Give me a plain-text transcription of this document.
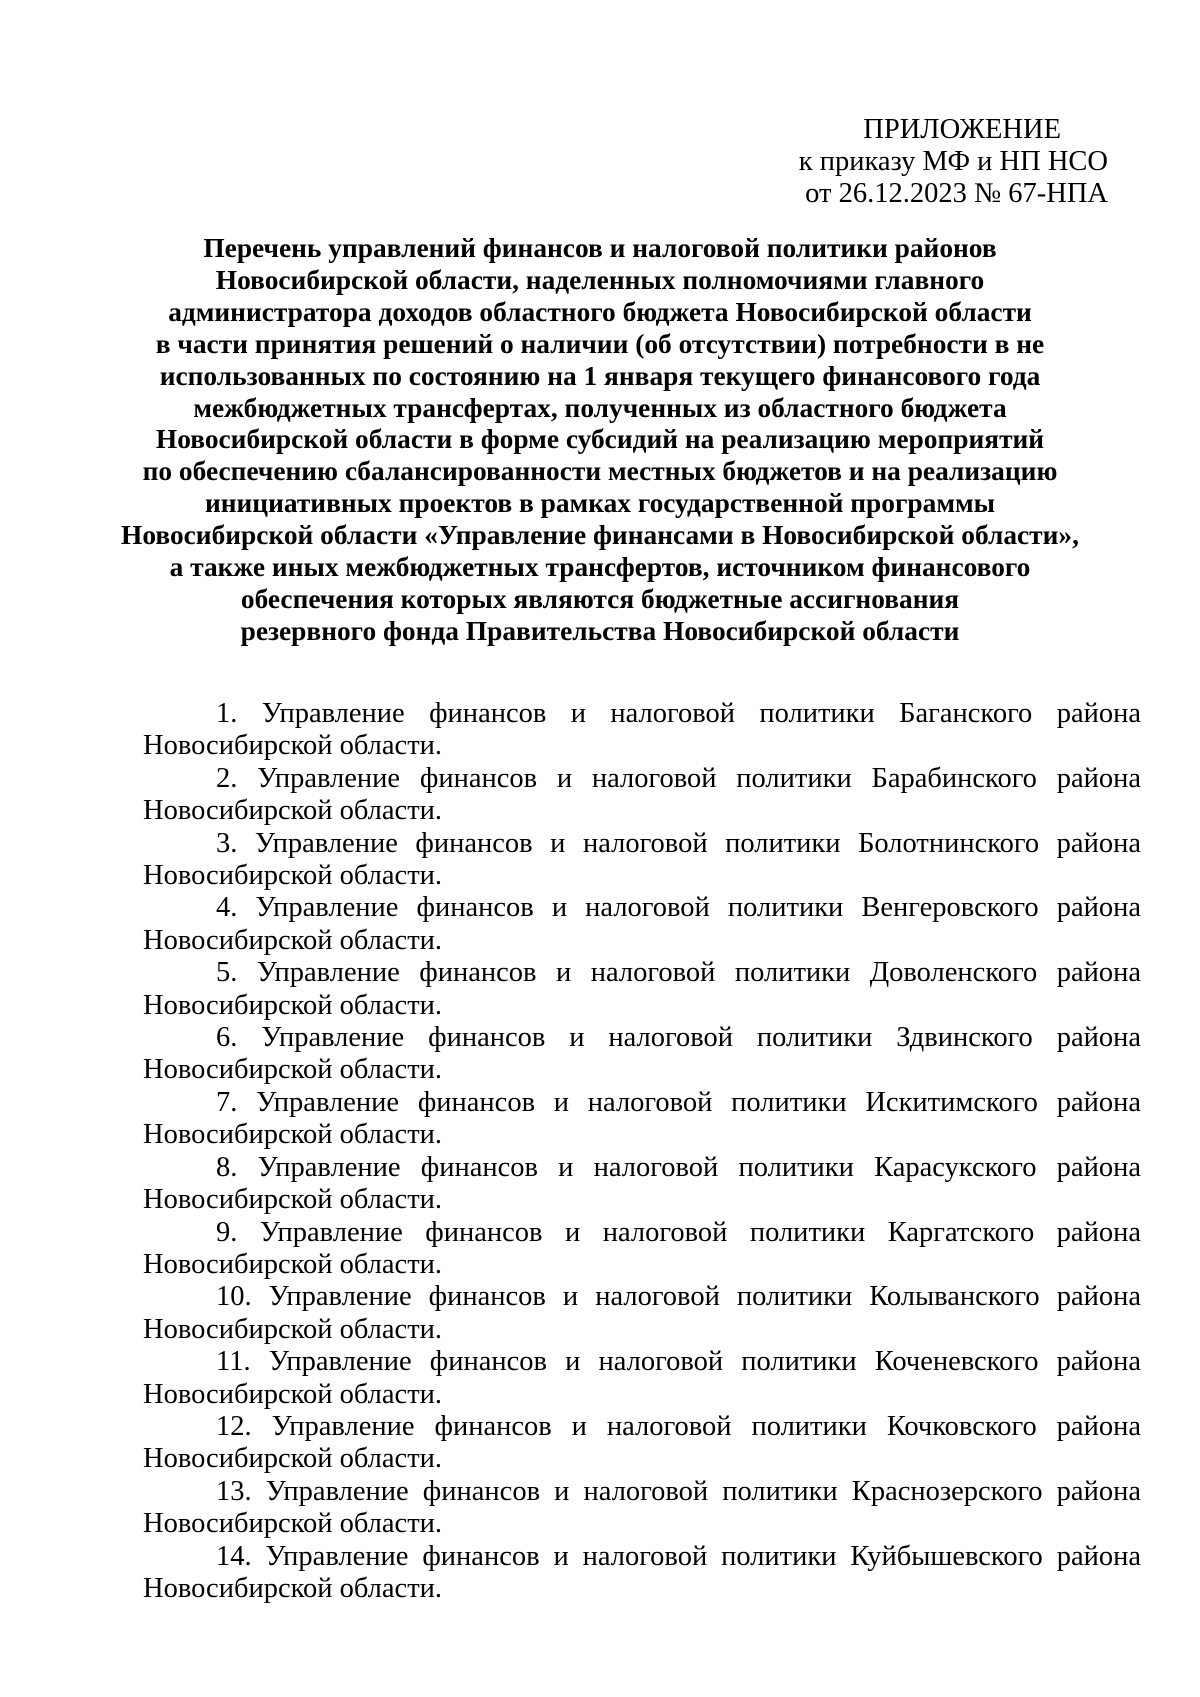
ПРИЛОЖЕНИЕ
к приказу МФ и НП НСО
от 26.12.2023 № 67-НПА
Перечень управлений финансов и налоговой политики районов
Новосибирской области, наделенных полномочиями главного
администратора доходов областного бюджета Новосибирской области
в части принятия решений о наличии (об отсутствии) потребности в не
использованных по состоянию на 1 января текущего финансового года
межбюджетных трансфертах, полученных из областного бюджета
Новосибирской области в форме субсидий на реализацию мероприятий
по обеспечению сбалансированности местных бюджетов и на реализацию
инициативных проектов в рамках государственной программы
Новосибирской области «Управление финансами в Новосибирской области»,
а также иных межбюджетных трансфертов, источником финансового
обеспечения которых являются бюджетные ассигнования
резервного фонда Правительства Новосибирской области
1. Управление финансов и налоговой политики Баганского района
Новосибирской области.
2. Управление финансов и налоговой политики Барабинского района
Новосибирской области.
3. Управление финансов и налоговой политики Болотнинского района
Новосибирской области.
4. Управление финансов и налоговой политики Венгеровского района
Новосибирской области.
5. Управление финансов и налоговой политики Доволенского района
Новосибирской области.
6. Управление финансов и налоговой политики Здвинского района
Новосибирской области.
7. Управление финансов и налоговой политики Искитимского района
Новосибирской области.
8. Управление финансов и налоговой политики Карасукского района
Новосибирской области.
9. Управление финансов и налоговой политики Каргатского района
Новосибирской области.
10. Управление финансов и налоговой политики Колыванского района
Новосибирской области.
11. Управление финансов и налоговой политики Коченевского района
Новосибирской области.
12. Управление финансов и налоговой политики Кочковского района
Новосибирской области.
13. Управление финансов и налоговой политики Краснозерского района
Новосибирской области.
14. Управление финансов и налоговой политики Куйбышевского района
Новосибирской области.
